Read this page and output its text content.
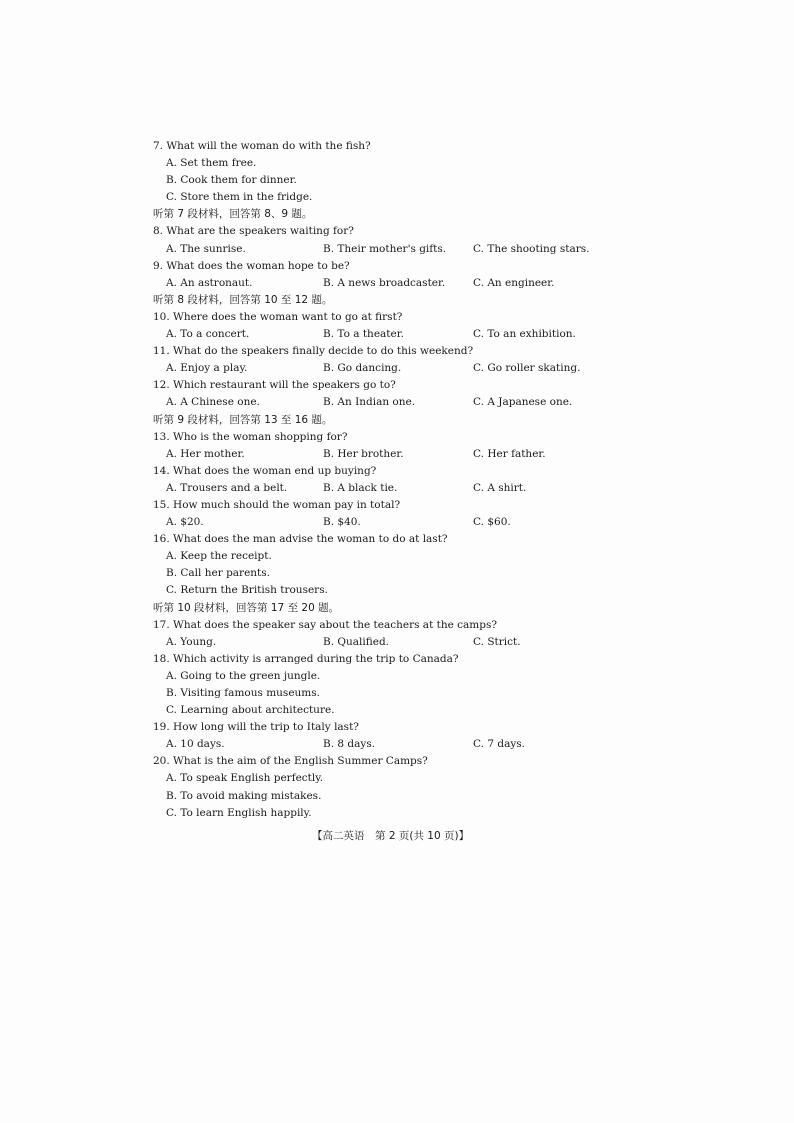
7. What will the woman do with the fish?
A. Set them free.
B. Cook them for dinner.
C. Store them in the fridge.
听第 7 段材料，回答第 8、9 题。
8. What are the speakers waiting for?
A. The sunrise.	B. Their mother's gifts.	C. The shooting stars.
9. What does the woman hope to be?
A. An astronaut.	B. A news broadcaster.	C. An engineer.
听第 8 段材料，回答第 10 至 12 题。
10. Where does the woman want to go at first?
A. To a concert.	B. To a theater.	C. To an exhibition.
11. What do the speakers finally decide to do this weekend?
A. Enjoy a play.	B. Go dancing.	C. Go roller skating.
12. Which restaurant will the speakers go to?
A. A Chinese one.	B. An Indian one.	C. A Japanese one.
听第 9 段材料，回答第 13 至 16 题。
13. Who is the woman shopping for?
A. Her mother.	B. Her brother.	C. Her father.
14. What does the woman end up buying?
A. Trousers and a belt.	B. A black tie.	C. A shirt.
15. How much should the woman pay in total?
A. $20.	B. $40.	C. $60.
16. What does the man advise the woman to do at last?
A. Keep the receipt.
B. Call her parents.
C. Return the British trousers.
听第 10 段材料，回答第 17 至 20 题。
17. What does the speaker say about the teachers at the camps?
A. Young.	B. Qualified.	C. Strict.
18. Which activity is arranged during the trip to Canada?
A. Going to the green jungle.
B. Visiting famous museums.
C. Learning about architecture.
19. How long will the trip to Italy last?
A. 10 days.	B. 8 days.	C. 7 days.
20. What is the aim of the English Summer Camps?
A. To speak English perfectly.
B. To avoid making mistakes.
C. To learn English happily.
【高二英语　第 2 页(共 10 页)】
